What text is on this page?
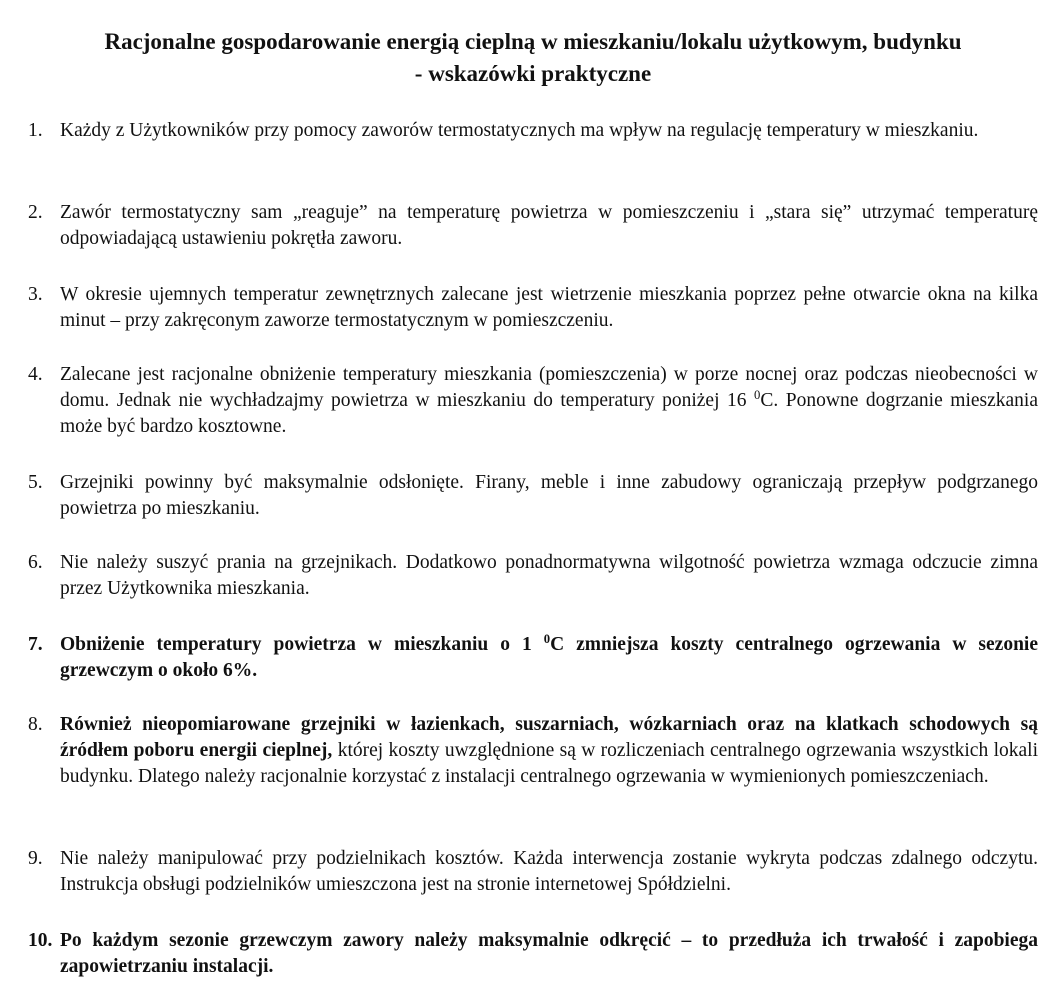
Racjonalne gospodarowanie energią cieplną w mieszkaniu/lokalu użytkowym, budynku
- wskazówki praktyczne
1. Każdy z Użytkowników przy pomocy zaworów termostatycznych ma wpływ na regulację temperatury w mieszkaniu.
2. Zawór termostatyczny sam „reaguje” na temperaturę powietrza w pomieszczeniu i „stara się” utrzymać temperaturę odpowiadającą ustawieniu pokrętła zaworu.
3. W okresie ujemnych temperatur zewnętrznych zalecane jest wietrzenie mieszkania poprzez pełne otwarcie okna na kilka minut – przy zakręconym zaworze termostatycznym w pomieszczeniu.
4. Zalecane jest racjonalne obniżenie temperatury mieszkania (pomieszczenia) w porze nocnej oraz podczas nieobecności w domu. Jednak nie wychładzajmy powietrza w mieszkaniu do temperatury poniżej 16 $^0$C. Ponowne dogrzanie mieszkania może być bardzo kosztowne.
5. Grzejniki powinny być maksymalnie odsłonięte. Firany, meble i inne zabudowy ograniczają przepływ podgrzanego powietrza po mieszkaniu.
6. Nie należy suszyć prania na grzejnikach. Dodatkowo ponadnormatywna wilgotność powietrza wzmaga odczucie zimna przez Użytkownika mieszkania.
7. Obniżenie temperatury powietrza w mieszkaniu o 1 $^0$C zmniejsza koszty centralnego ogrzewania w sezonie grzewczym o około 6%.
8. Również nieopomiarowane grzejniki w łazienkach, suszarniach, wózkarniach oraz na klatkach schodowych są źródłem poboru energii cieplnej, której koszty uwzględnione są w rozliczeniach centralnego ogrzewania wszystkich lokali budynku. Dlatego należy racjonalnie korzystać z instalacji centralnego ogrzewania w wymienionych pomieszczeniach.
9. Nie należy manipulować przy podzielnikach kosztów. Każda interwencja zostanie wykryta podczas zdalnego odczytu. Instrukcja obsługi podzielników umieszczona jest na stronie internetowej Spółdzielni.
10. Po każdym sezonie grzewczym zawory należy maksymalnie odkręcić – to przedłuża ich trwałość i zapobiega zapowietrzaniu instalacji.
